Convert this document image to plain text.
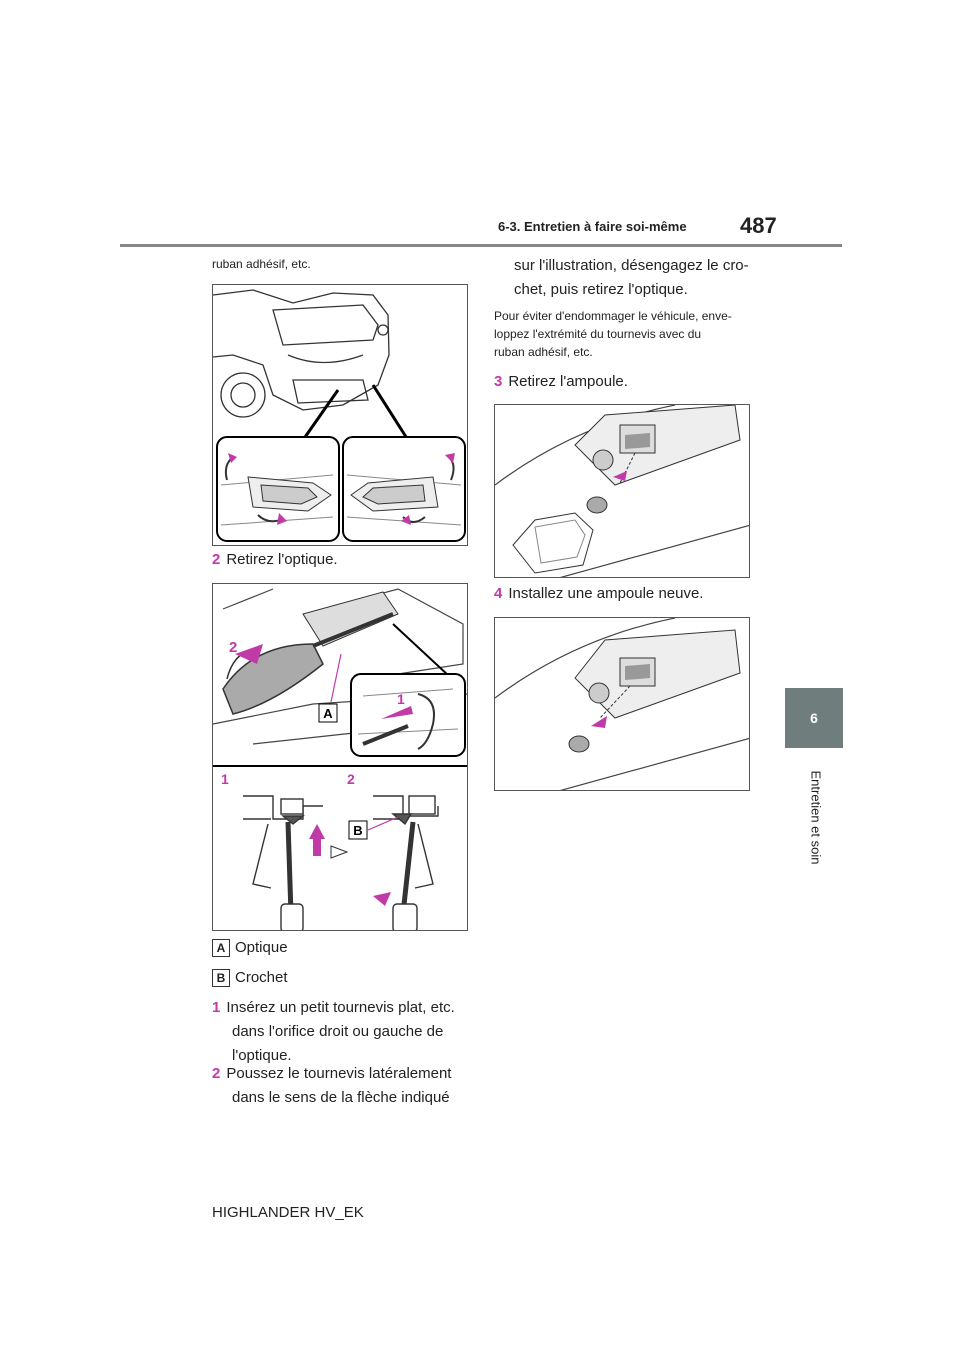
6-3. Entretien à faire soi-même 487
6
Entretien et soin
ruban adhésif, etc.
2 Retirez l'optique.
2
1
A
1	2
B
A Optique
B Crochet
1 Insérez un petit tournevis plat, etc.
dans l'orifice droit ou gauche de
l'optique.
2 Poussez le tournevis latéralement
dans le sens de la flèche indiqué
sur l'illustration, désengagez le cro-
chet, puis retirez l'optique.
Pour éviter d'endommager le véhicule, enve-
loppez l'extrémité du tournevis avec du
ruban adhésif, etc.
3 Retirez l'ampoule.
4 Installez une ampoule neuve.
HIGHLANDER HV_EK
